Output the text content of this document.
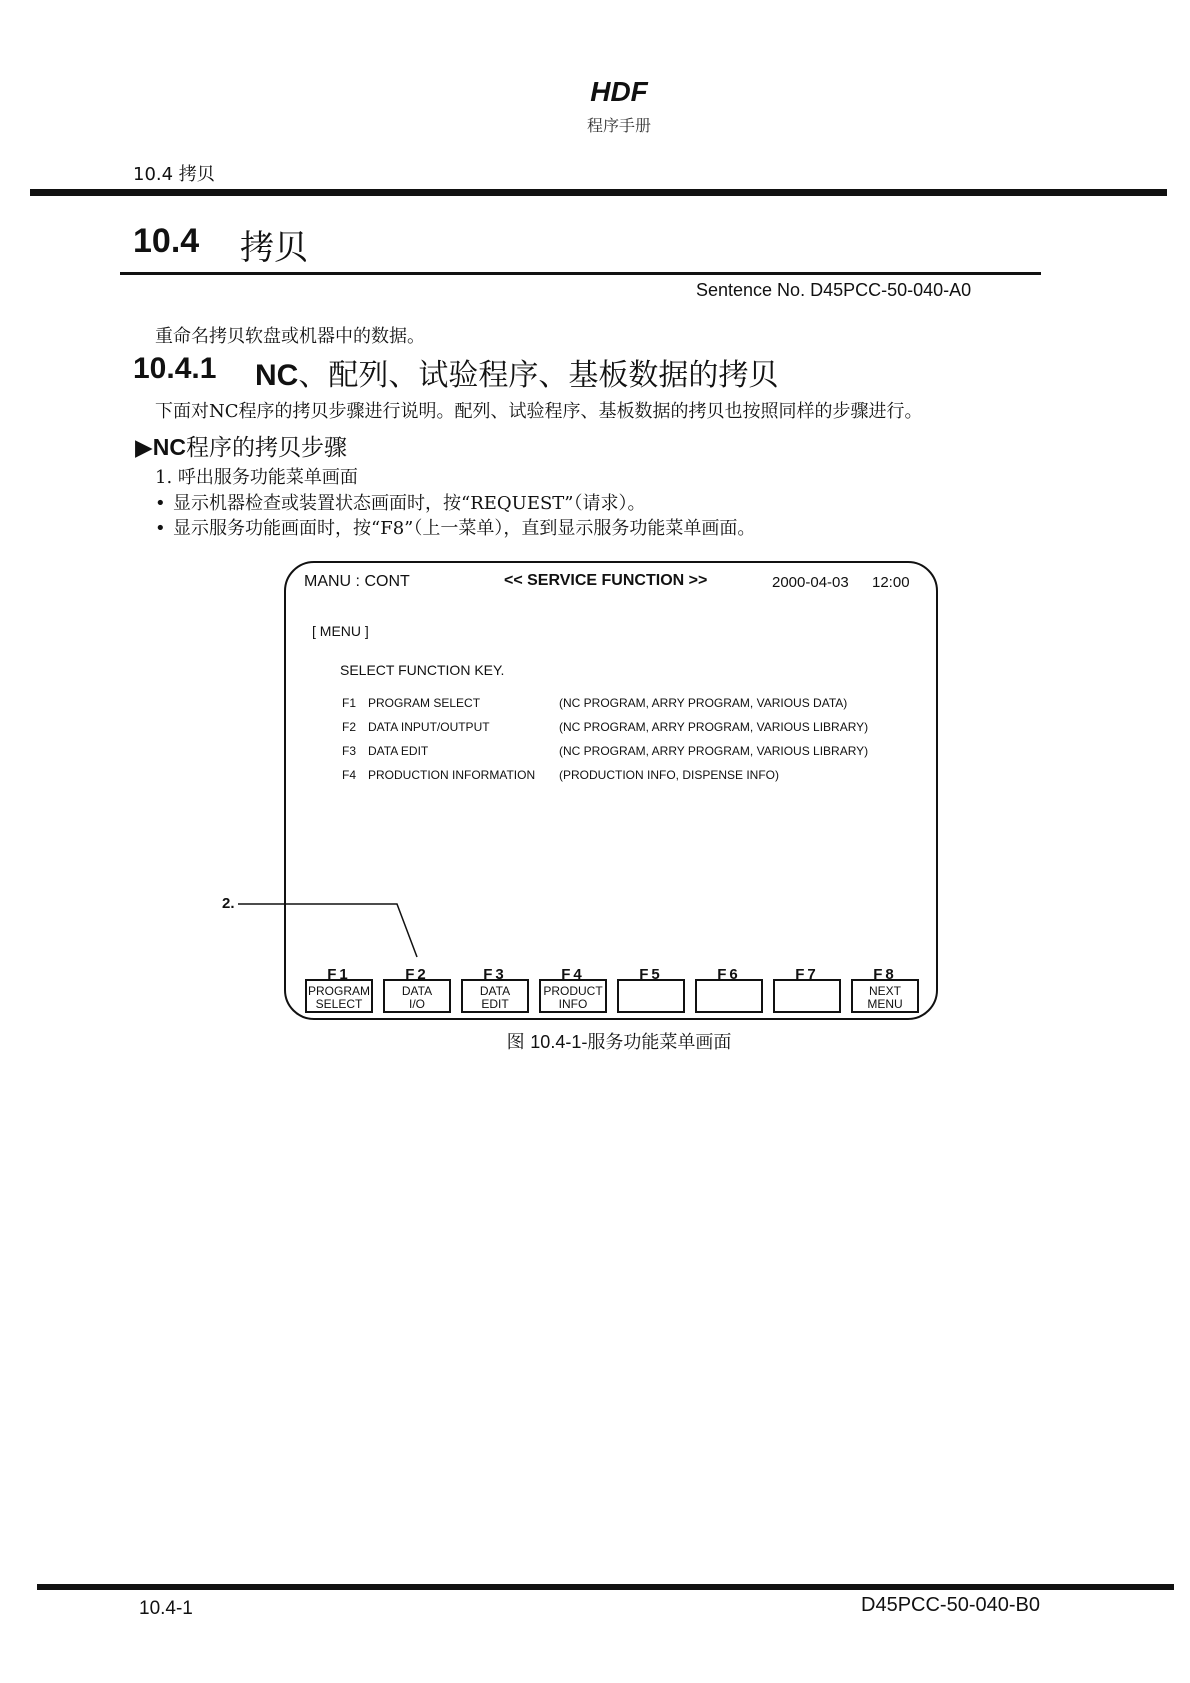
HDF
程序手册
10.4 拷贝
10.4 拷贝
Sentence No. D45PCC-50-040-A0
重命名拷贝软盘或机器中的数据。
10.4.1 NC、配列、试验程序、基板数据的拷贝
下面对NC程序的拷贝步骤进行说明。配列、试验程序、基板数据的拷贝也按照同样的步骤进行。
▶NC程序的拷贝步骤
1. 呼出服务功能菜单画面
• 显示机器检查或装置状态画面时，按“REQUEST”（请求）。
• 显示服务功能画面时，按“F8”（上一菜单），直到显示服务功能菜单画面。
MANU : CONT	<< SERVICE FUNCTION >>	2000-04-03 12:00
[ MENU ]
SELECT FUNCTION KEY.
F1 PROGRAM SELECT	(NC PROGRAM, ARRY PROGRAM, VARIOUS DATA)
F2 DATA INPUT/OUTPUT	(NC PROGRAM, ARRY PROGRAM, VARIOUS LIBRARY)
F3 DATA EDIT	(NC PROGRAM, ARRY PROGRAM, VARIOUS LIBRARY)
F4 PRODUCTION INFORMATION (PRODUCTION INFO, DISPENSE INFO)
F1
PROGRAM
SELECT
F2
DATA
I/O
F3
DATA
EDIT
F4
PRODUCT
INFO
F5	F6	F7	F8
NEXT
MENU
2.
图 10.4-1-服务功能菜单画面
10.4-1	D45PCC-50-040-B0
